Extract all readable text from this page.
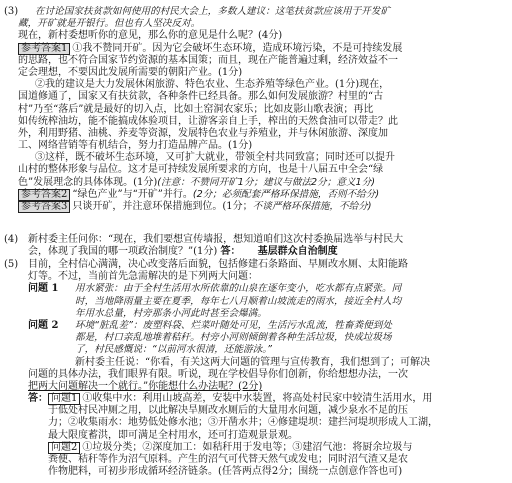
(3) 在讨论国家扶贫款如何使用的村民大会上，多数人建议：这笔扶贫款应该用于开发矿
藏，开矿就是开银行。但也有人坚决反对。
现在，新村委想听你的意见，那么你的意见是什么呢？(4分)
参考答案1 ①我不赞同开矿。因为它会破坏生态环境，造成环境污染，不是可持续发展
的思路，也不符合国家节约资源的基本国策；而且，现在产能普遍过剩，经济效益不一
定会理想，不要因此发展所需要的朝阳产业。(1分)
②我的建议是大力发展休闲旅游、特色农业、生态养殖等绿色产业。(1分)现在，
国道修通了，国家又有扶贫款，各种条件已经具备。那么如何发展旅游？村里的“古
村”乃至“落后”就是最好的切入点，比如土窑洞农家乐；比如皮影山歌表演；再比
如传统榨油坊，能不能搞成体验项目，让游客亲自上手，榨出的天然食油可以带走？此
外，利用野猪、油桃、养麦等资源，发展特色农业与养殖业，并与休闲旅游、深度加
工、网络营销等有机结合，努力打造品牌产品。(1分)
③这样，既不破坏生态环境，又可扩大就业，带领全村共同致富；同时还可以提升
山村的整体形象与品位。这才是可持续发展所要求的方向，也是十八届五中全会“绿
色”发展理念的具体体现。(1分)(注意：不赞同开矿1分；建议与做法2分；意义1分)
参考答案2 “绿色产业”与“开矿”并行。(2分；必须配套严格环保措施，否则不给分)
参考答案3 只谈开矿，并注意环保措施到位。(1分；不谈严格环保措施，不给分)
(4) 新村委主任问你：“现在，我们要想宣传墙报，想知道咱们这次村委换届选举与村民大
会，体现了我国的哪一项政治制度？”(1分) 答： 基层群众自治制度
(5) 目前，全村信心满满，决心改变落后面貌，包括修建石条路面、早厕改水厕、太阳能路
灯等。不过，当前首先急需解决的是下列两大问题：
问题 1 用水紧张：由于全村生活用水所依靠的山泉在逐年变小，吃水都有点紧张。同
时，当地降雨量主要在夏季，每年七八月顺着山坡流走的雨水，接近全村人均
年用水总量，村旁那条小河此时甚至会爆满。
问题 2 环境“脏乱差”：废塑料袋、烂菜叶随处可见，生活污水乱流，牲畜粪便到处
都是，村口亲乱地堆着秸秆。村旁小河则倾倒着各种生活垃圾，快成垃圾场
了，村民感慨说：“以前河水很清，还能游泳。”
新村委主任说：“你看，有关这两大问题的管理与宣传教育，我们想到了；可解决
问题的具体办法，我们眼界有限。听说，现在学校倡导你们创新，你给想想办法，一次
把两大问题解决一个就行。”你能想什么办法呢？(2分)
答： 问题1 ①收集中水：利用山坡高差，安装中水装置，将高处村民家中较清生活用水，用
于低处村民冲厕之用，以此解决旱厕改水厕后的大量用水问题，减少泉水不足的压
力；②收集雨水：地势低处修水池；③开凿水井；④修建堤坝：建拦河堤坝形成人工湖，
最大限度蓄洪，即可满足全村用水，还可打造观景景观。
问题2 ①垃圾分类；②深度加工：如秸秆用于发电等；③建沼气池：将厨余垃圾与
粪便、秸秆等作为沼气原料。产生的沼气可代替天然气或发电；同时沼气渣又是农
作物肥料，可初步形成循环经济链条。(任答两点得2分；围绕一点创意作答也可)
